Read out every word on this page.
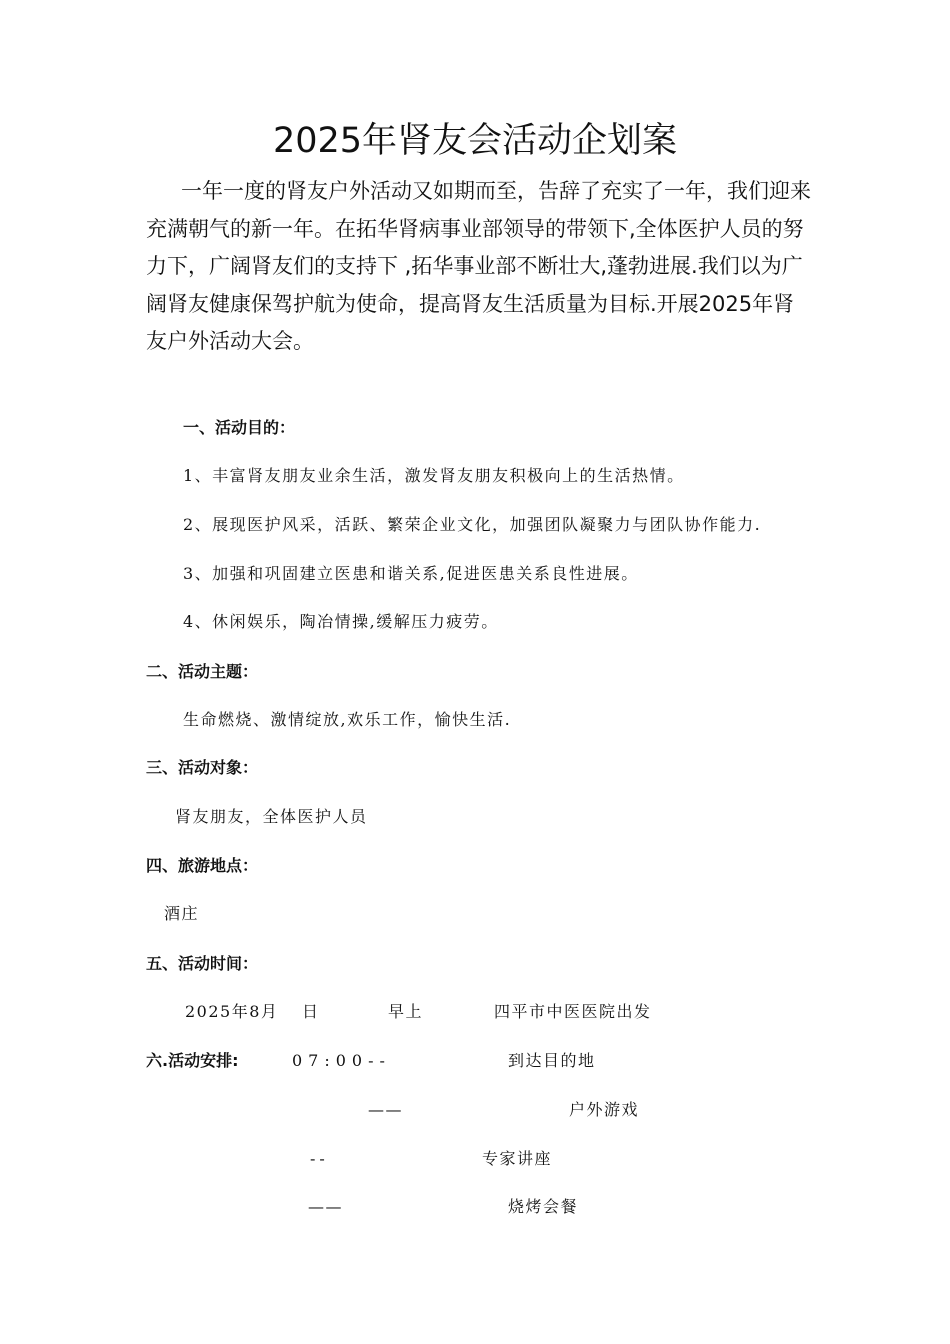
2025年肾友会活动企划案

一年一度的肾友户外活动又如期而至，告辞了充实了一年，我们迎来充满朝气的新一年。在拓华肾病事业部领导的带领下,全体医护人员的努力下，广阔肾友们的支持下 ,拓华事业部不断壮大,蓬勃进展.我们以为广阔肾友健康保驾护航为使命，提高肾友生活质量为目标.开展2025年肾友户外活动大会。

一、活动目的：
1、丰富肾友朋友业余生活，激发肾友朋友积极向上的生活热情。
2、展现医护风采，活跃、繁荣企业文化，加强团队凝聚力与团队协作能力.
3、加强和巩固建立医患和谐关系,促进医患关系良性进展。
4、休闲娱乐，陶冶情操,缓解压力疲劳。
二、活动主题：
生命燃烧、激情绽放,欢乐工作，愉快生活.
三、活动对象：
肾友朋友，全体医护人员
四、旅游地点：
酒庄
五、活动时间：
2025年8月 日	早上	四平市中医医院出发
六.活动安排:	07:00--	到达目的地
——	户外游戏
--	专家讲座
——	烧烤会餐
